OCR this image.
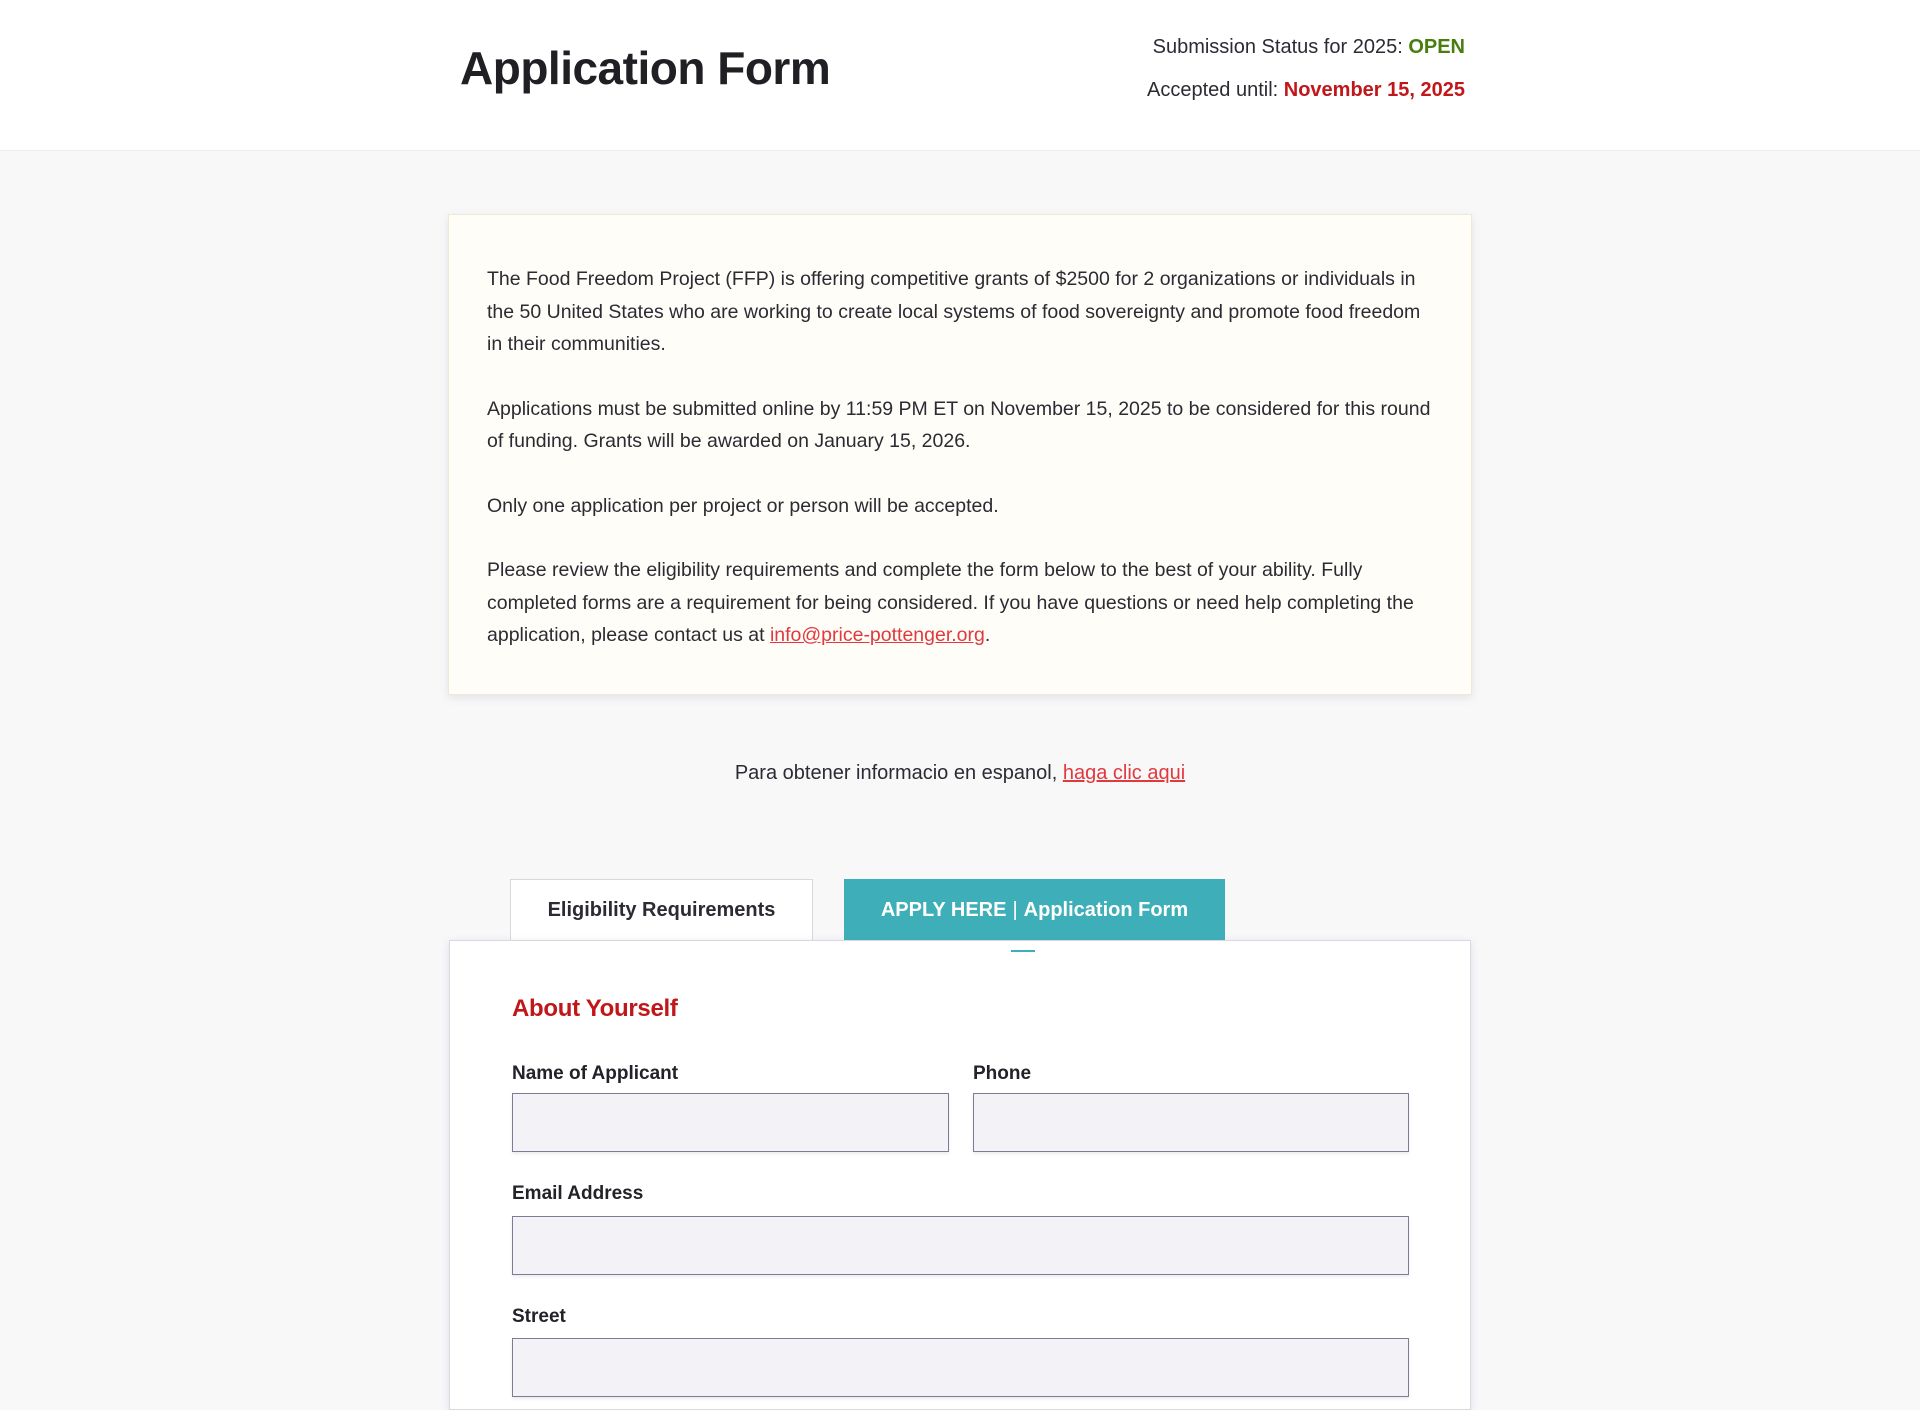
Application Form	Submission Status for 2025: OPEN
Accepted until: November 15, 2025

The Food Freedom Project (FFP) is offering competitive grants of $2500 for 2 organizations or individuals in the 50 United States who are working to create local systems of food sovereignty and promote food freedom in their communities.

Applications must be submitted online by 11:59 PM ET on November 15, 2025 to be considered for this round of funding. Grants will be awarded on January 15, 2026.

Only one application per project or person will be accepted.

Please review the eligibility requirements and complete the form below to the best of your ability. Fully completed forms are a requirement for being considered. If you have questions or need help completing the application, please contact us at info@price-pottenger.org.

Para obtener informacio en espanol, haga clic aqui
Eligibility Requirements	APPLY HERE | Application Form
About Yourself
Name of Applicant	Phone
Email Address
Street
